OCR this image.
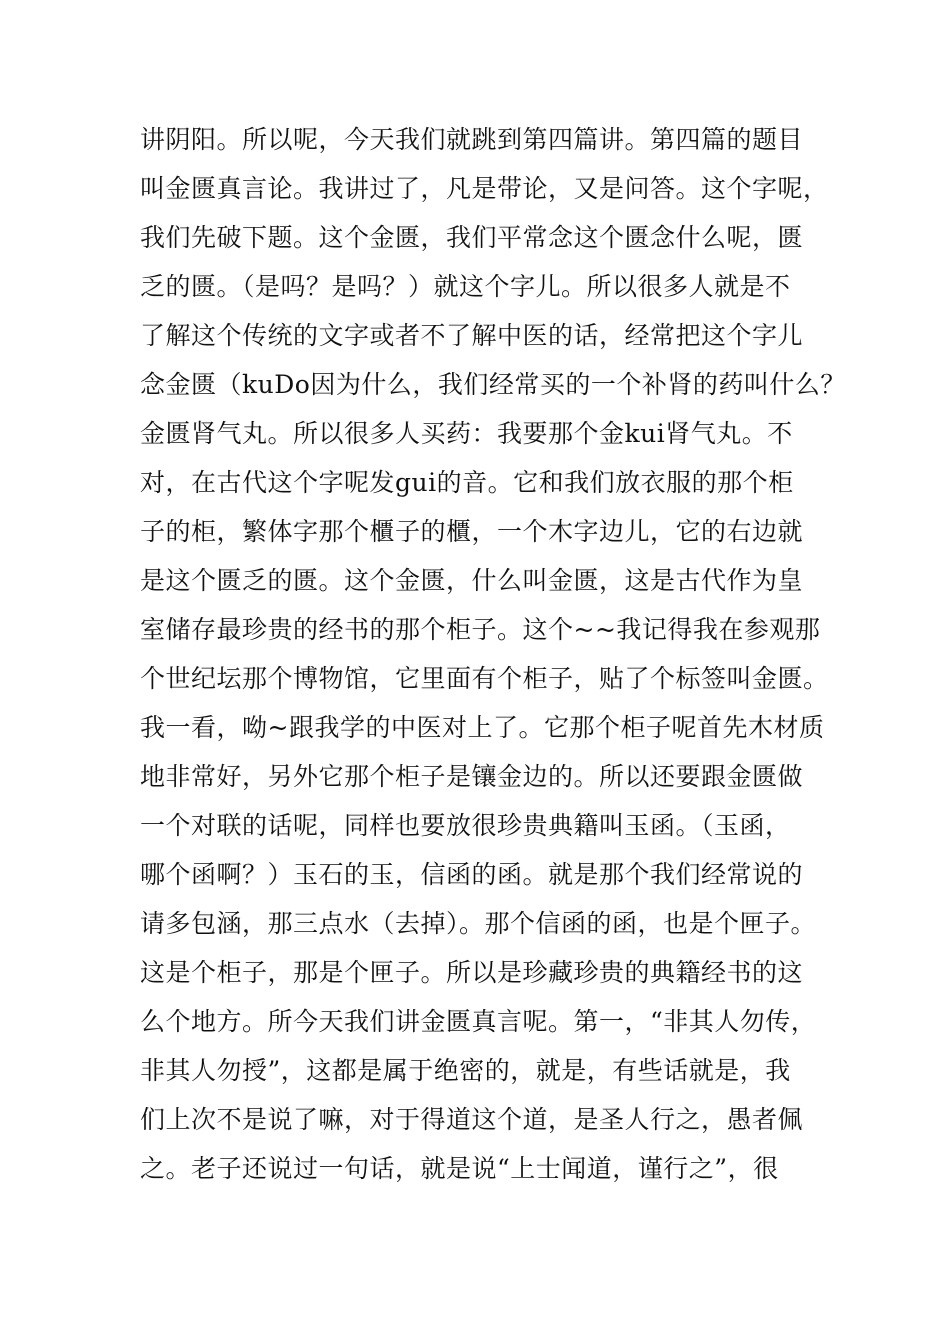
讲阴阳。所以呢，今天我们就跳到第四篇讲。第四篇的题目
叫金匮真言论。我讲过了，凡是带论，又是问答。这个字呢，
我们先破下题。这个金匮，我们平常念这个匮念什么呢，匮
乏的匮。（是吗？是吗？）就这个字儿。所以很多人就是不
了解这个传统的文字或者不了解中医的话，经常把这个字儿
念金匮（kuDo因为什么，我们经常买的一个补肾的药叫什么？
金匮肾气丸。所以很多人买药：我要那个金kui肾气丸。不
对，在古代这个字呢发gui的音。它和我们放衣服的那个柜
子的柜，繁体字那个櫃子的櫃，一个木字边儿，它的右边就
是这个匮乏的匮。这个金匮，什么叫金匮，这是古代作为皇
室储存最珍贵的经书的那个柜子。这个~~我记得我在参观那
个世纪坛那个博物馆，它里面有个柜子，贴了个标签叫金匮。
我一看，呦~跟我学的中医对上了。它那个柜子呢首先木材质
地非常好，另外它那个柜子是镶金边的。所以还要跟金匮做
一个对联的话呢，同样也要放很珍贵典籍叫玉函。（玉函，
哪个函啊？）玉石的玉，信函的函。就是那个我们经常说的
请多包涵，那三点水（去掉）。那个信函的函，也是个匣子。
这是个柜子，那是个匣子。所以是珍藏珍贵的典籍经书的这
么个地方。所今天我们讲金匮真言呢。第一，“非其人勿传，
非其人勿授”，这都是属于绝密的，就是，有些话就是，我
们上次不是说了嘛，对于得道这个道，是圣人行之，愚者佩
之。老子还说过一句话，就是说“上士闻道，谨行之”，很
